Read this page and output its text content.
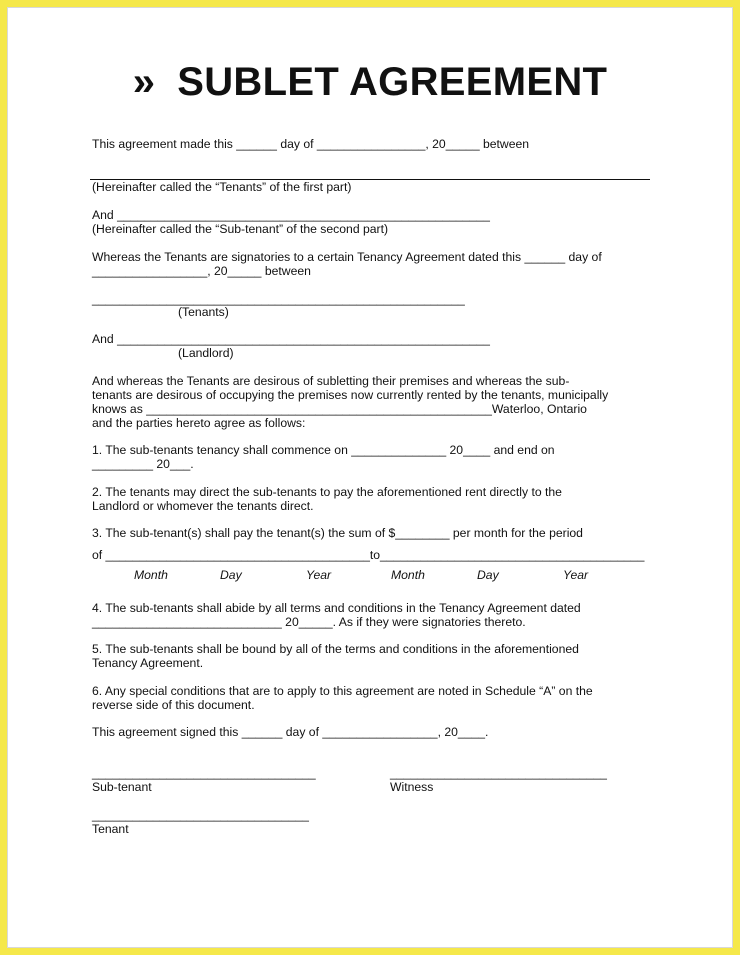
» SUBLET AGREEMENT
This agreement made this ______ day of ________________, 20_____ between
(Hereinafter called the “Tenants” of the first part)
And _______________________________________________________
(Hereinafter called the “Sub-tenant” of the second part)
Whereas the Tenants are signatories to a certain Tenancy Agreement dated this ______ day of
_________________, 20_____ between
_______________________________________________________
(Tenants)
And _______________________________________________________
(Landlord)
And whereas the Tenants are desirous of subletting their premises and whereas the sub-
tenants are desirous of occupying the premises now currently rented by the tenants, municipally
knows as ___________________________________________________Waterloo, Ontario
and the parties hereto agree as follows:
1. The sub-tenants tenancy shall commence on ______________ 20____ and end on
_________ 20___.
2. The tenants may direct the sub-tenants to pay the aforementioned rent directly to the
Landlord or whomever the tenants direct.
3. The sub-tenant(s) shall pay the tenant(s) the sum of $________ per month for the period
of _______________________________________to _______________________________________
Month	Day	Year	Month	Day	Year
4. The sub-tenants shall abide by all terms and conditions in the Tenancy Agreement dated
____________________________ 20_____. As if they were signatories thereto.
5. The sub-tenants shall be bound by all of the terms and conditions in the aforementioned
Tenancy Agreement.
6. Any special conditions that are to apply to this agreement are noted in Schedule “A” on the
reverse side of this document.
This agreement signed this ______ day of _________________, 20____.
_________________________________	________________________________
Sub-tenant	Witness
________________________________
Tenant
